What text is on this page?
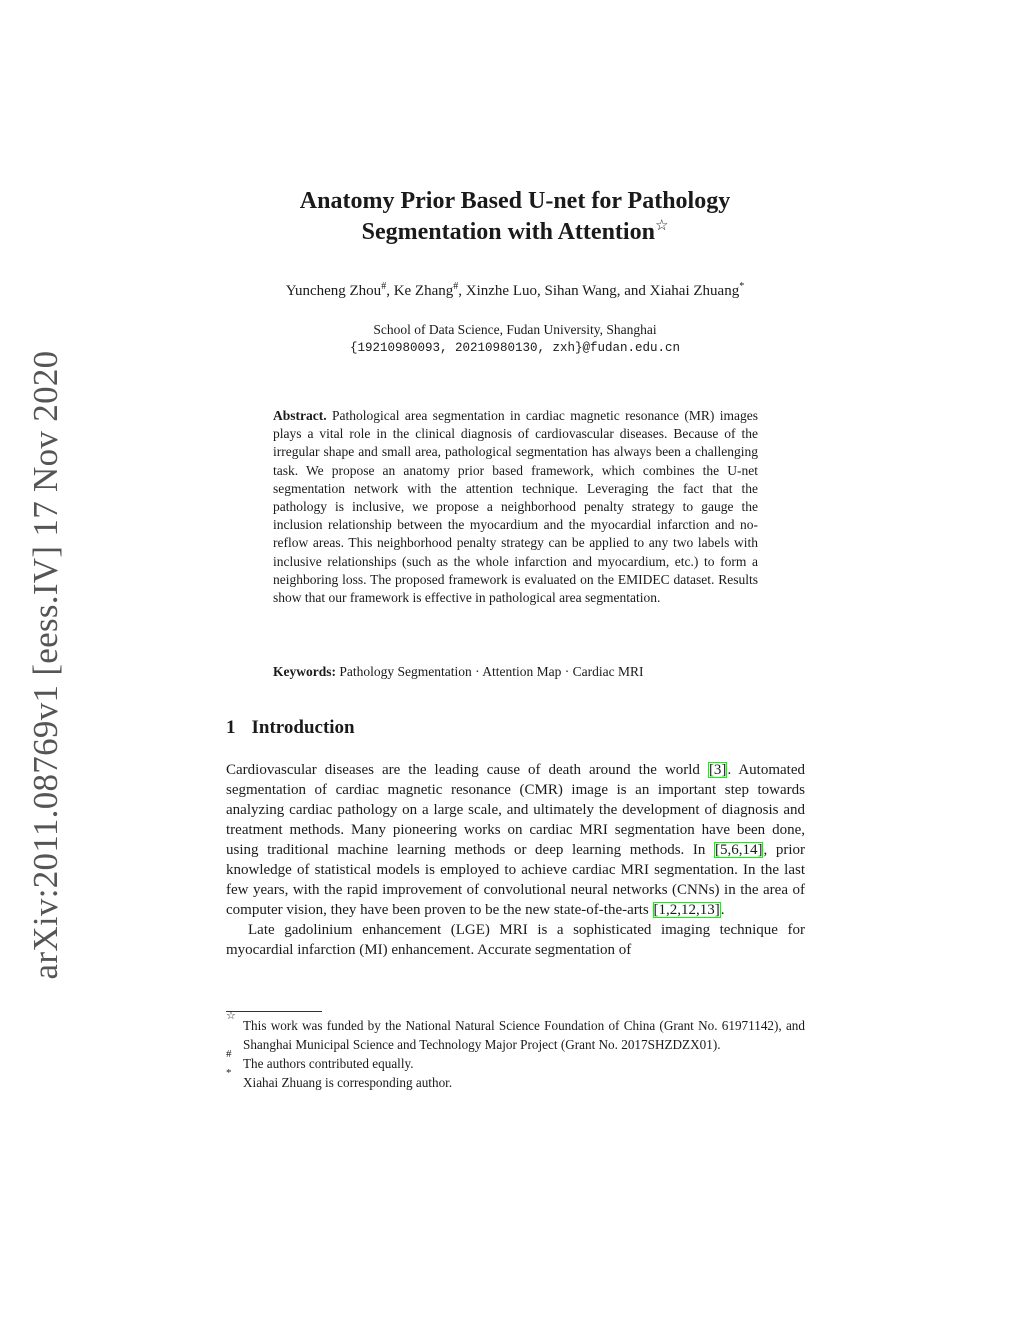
arXiv:2011.08769v1 [eess.IV] 17 Nov 2020
Anatomy Prior Based U-net for Pathology
Segmentation with Attention☆
Yuncheng Zhou#, Ke Zhang#, Xinzhe Luo, Sihan Wang, and Xiahai Zhuang*
School of Data Science, Fudan University, Shanghai
{19210980093, 20210980130, zxh}@fudan.edu.cn
Abstract. Pathological area segmentation in cardiac magnetic resonance (MR) images plays a vital role in the clinical diagnosis of cardiovascular diseases. Because of the irregular shape and small area, pathological segmentation has always been a challenging task. We propose an anatomy prior based framework, which combines the U-net segmentation network with the attention technique. Leveraging the fact that the pathology is inclusive, we propose a neighborhood penalty strategy to gauge the inclusion relationship between the myocardium and the myocardial infarction and no-reflow areas. This neighborhood penalty strategy can be applied to any two labels with inclusive relationships (such as the whole infarction and myocardium, etc.) to form a neighboring loss. The proposed framework is evaluated on the EMIDEC dataset. Results show that our framework is effective in pathological area segmentation.
Keywords: Pathology Segmentation · Attention Map · Cardiac MRI
1 Introduction

Cardiovascular diseases are the leading cause of death around the world [3]. Automated segmentation of cardiac magnetic resonance (CMR) image is an important step towards analyzing cardiac pathology on a large scale, and ultimately the development of diagnosis and treatment methods. Many pioneering works on cardiac MRI segmentation have been done, using traditional machine learning methods or deep learning methods. In [5,6,14], prior knowledge of statistical models is employed to achieve cardiac MRI segmentation. In the last few years, with the rapid improvement of convolutional neural networks (CNNs) in the area of computer vision, they have been proven to be the new state-of-the-arts [1,2,12,13].

Late gadolinium enhancement (LGE) MRI is a sophisticated imaging technique for myocardial infarction (MI) enhancement. Accurate segmentation of

☆
This work was funded by the National Natural Science Foundation of China (Grant No. 61971142), and Shanghai Municipal Science and Technology Major Project (Grant No. 2017SHZDZX01).
#
The authors contributed equally.
*
Xiahai Zhuang is corresponding author.
